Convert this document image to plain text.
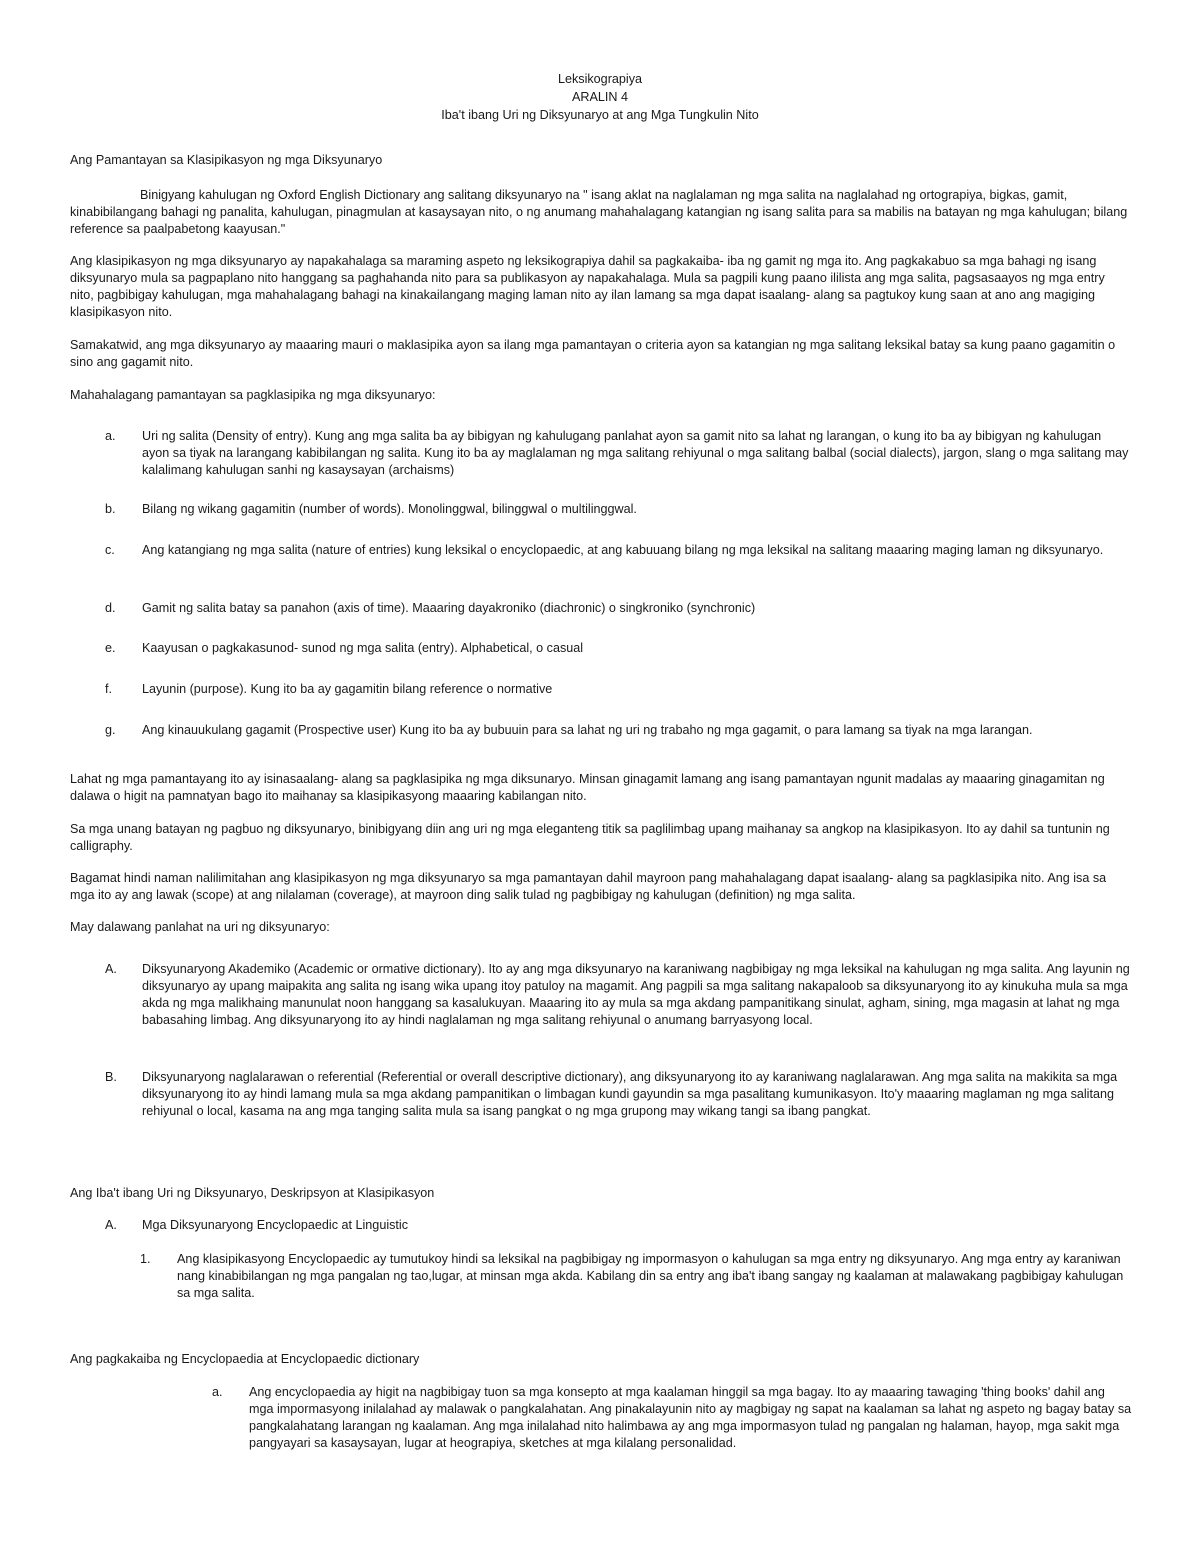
Leksikograpiya
ARALIN 4
Iba't ibang Uri ng Diksyunaryo at ang Mga Tungkulin Nito

Ang Pamantayan sa Klasipikasyon ng mga Diksyunaryo

Binigyang kahulugan ng Oxford English Dictionary ang salitang diksyunaryo na " isang aklat na naglalaman ng mga salita na naglalahad ng ortograpiya, bigkas, gamit, kinabibilangang bahagi ng panalita, kahulugan, pinagmulan at kasaysayan nito, o ng anumang mahahalagang katangian ng isang salita para sa mabilis na batayan ng mga kahulugan; bilang reference sa paalpabetong kaayusan."

Ang klasipikasyon ng mga diksyunaryo ay napakahalaga sa maraming aspeto ng leksikograpiya dahil sa pagkakaiba- iba ng gamit ng mga ito. Ang pagkakabuo sa mga bahagi ng isang diksyunaryo mula sa pagpaplano nito hanggang sa paghahanda nito para sa publikasyon ay napakahalaga. Mula sa pagpili kung paano ililista ang mga salita, pagsasaayos ng mga entry nito, pagbibigay kahulugan, mga mahahalagang bahagi na kinakailangang maging laman nito ay ilan lamang sa mga dapat isaalang- alang sa pagtukoy kung saan at ano ang magiging klasipikasyon nito.

Samakatwid, ang mga diksyunaryo ay maaaring mauri o maklasipika ayon sa ilang mga pamantayan o criteria ayon sa katangian ng mga salitang leksikal batay sa kung paano gagamitin o sino ang gagamit nito.

Mahahalagang pamantayan sa pagklasipika ng mga diksyunaryo:

a. Uri ng salita (Density of entry). Kung ang mga salita ba ay bibigyan ng kahulugang panlahat ayon sa gamit nito sa lahat ng larangan, o kung ito ba ay bibigyan ng kahulugan ayon sa tiyak na larangang kabibilangan ng salita. Kung ito ba ay maglalaman ng mga salitang rehiyunal o mga salitang balbal (social dialects), jargon, slang o mga salitang may kalalimang kahulugan sanhi ng kasaysayan (archaisms)
b. Bilang ng wikang gagamitin (number of words). Monolinggwal, bilinggwal o multilinggwal.
c. Ang katangiang ng mga salita (nature of entries) kung leksikal o encyclopaedic, at ang kabuuang bilang ng mga leksikal na salitang maaaring maging laman ng diksyunaryo.
d. Gamit ng salita batay sa panahon (axis of time). Maaaring dayakroniko (diachronic) o singkroniko (synchronic)
e. Kaayusan o pagkakasunod- sunod ng mga salita (entry). Alphabetical, o casual
f. Layunin (purpose). Kung ito ba ay gagamitin bilang reference o normative
g. Ang kinauukulang gagamit (Prospective user) Kung ito ba ay bubuuin para sa lahat ng uri ng trabaho ng mga gagamit, o para lamang sa tiyak na mga larangan.

Lahat ng mga pamantayang ito ay isinasaalang- alang sa pagklasipika ng mga diksunaryo. Minsan ginagamit lamang ang isang pamantayan ngunit madalas ay maaaring ginagamitan ng dalawa o higit na pamnatyan bago ito maihanay sa klasipikasyong maaaring kabilangan nito.

Sa mga unang batayan ng pagbuo ng diksyunaryo, binibigyang diin ang uri ng mga eleganteng titik sa paglilimbag upang maihanay sa angkop na klasipikasyon. Ito ay dahil sa tuntunin ng calligraphy.

Bagamat hindi naman nalilimitahan ang klasipikasyon ng mga diksyunaryo sa mga pamantayan dahil mayroon pang mahahalagang dapat isaalang- alang sa pagklasipika nito. Ang isa sa mga ito ay ang lawak (scope) at ang nilalaman (coverage), at mayroon ding salik tulad ng pagbibigay ng kahulugan (definition) ng mga salita.

May dalawang panlahat na uri ng diksyunaryo:

A. Diksyunaryong Akademiko (Academic or ormative dictionary). Ito ay ang mga diksyunaryo na karaniwang nagbibigay ng mga leksikal na kahulugan ng mga salita. Ang layunin ng diksyunaryo ay upang maipakita ang salita ng isang wika upang itoy patuloy na magamit. Ang pagpili sa mga salitang nakapaloob sa diksyunaryong ito ay kinukuha mula sa mga akda ng mga malikhaing manunulat noon hanggang sa kasalukuyan. Maaaring ito ay mula sa mga akdang pampanitikang sinulat, agham, sining, mga magasin at lahat ng mga babasahing limbag. Ang diksyunaryong ito ay hindi naglalaman ng mga salitang rehiyunal o anumang barryasyong local.
B. Diksyunaryong naglalarawan o referential (Referential or overall descriptive dictionary), ang diksyunaryong ito ay karaniwang naglalarawan. Ang mga salita na makikita sa mga diksyunaryong ito ay hindi lamang mula sa mga akdang pampanitikan o limbagan kundi gayundin sa mga pasalitang kumunikasyon. Ito'y maaaring maglaman ng mga salitang rehiyunal o local, kasama na ang mga tanging salita mula sa isang pangkat o ng mga grupong may wikang tangi sa ibang pangkat.

Ang Iba't ibang Uri ng Diksyunaryo, Deskripsyon at Klasipikasyon

A. Mga Diksyunaryong Encyclopaedic at Linguistic
1. Ang klasipikasyong Encyclopaedic ay tumutukoy hindi sa leksikal na pagbibigay ng impormasyon o kahulugan sa mga entry ng diksyunaryo. Ang mga entry ay karaniwan nang kinabibilangan ng mga pangalan ng tao,lugar, at minsan mga akda. Kabilang din sa entry ang iba't ibang sangay ng kaalaman at malawakang pagbibigay kahulugan sa mga salita.

Ang pagkakaiba ng Encyclopaedia at Encyclopaedic dictionary

a. Ang encyclopaedia ay higit na nagbibigay tuon sa mga konsepto at mga kaalaman hinggil sa mga bagay. Ito ay maaaring tawaging 'thing books' dahil ang mga impormasyong inilalahad ay malawak o pangkalahatan. Ang pinakalayunin nito ay magbigay ng sapat na kaalaman sa lahat ng aspeto ng bagay batay sa pangkalahatang larangan ng kaalaman. Ang mga inilalahad nito halimbawa ay ang mga impormasyon tulad ng pangalan ng halaman, hayop, mga sakit mga pangyayari sa kasaysayan, lugar at heograpiya, sketches at mga kilalang personalidad.
